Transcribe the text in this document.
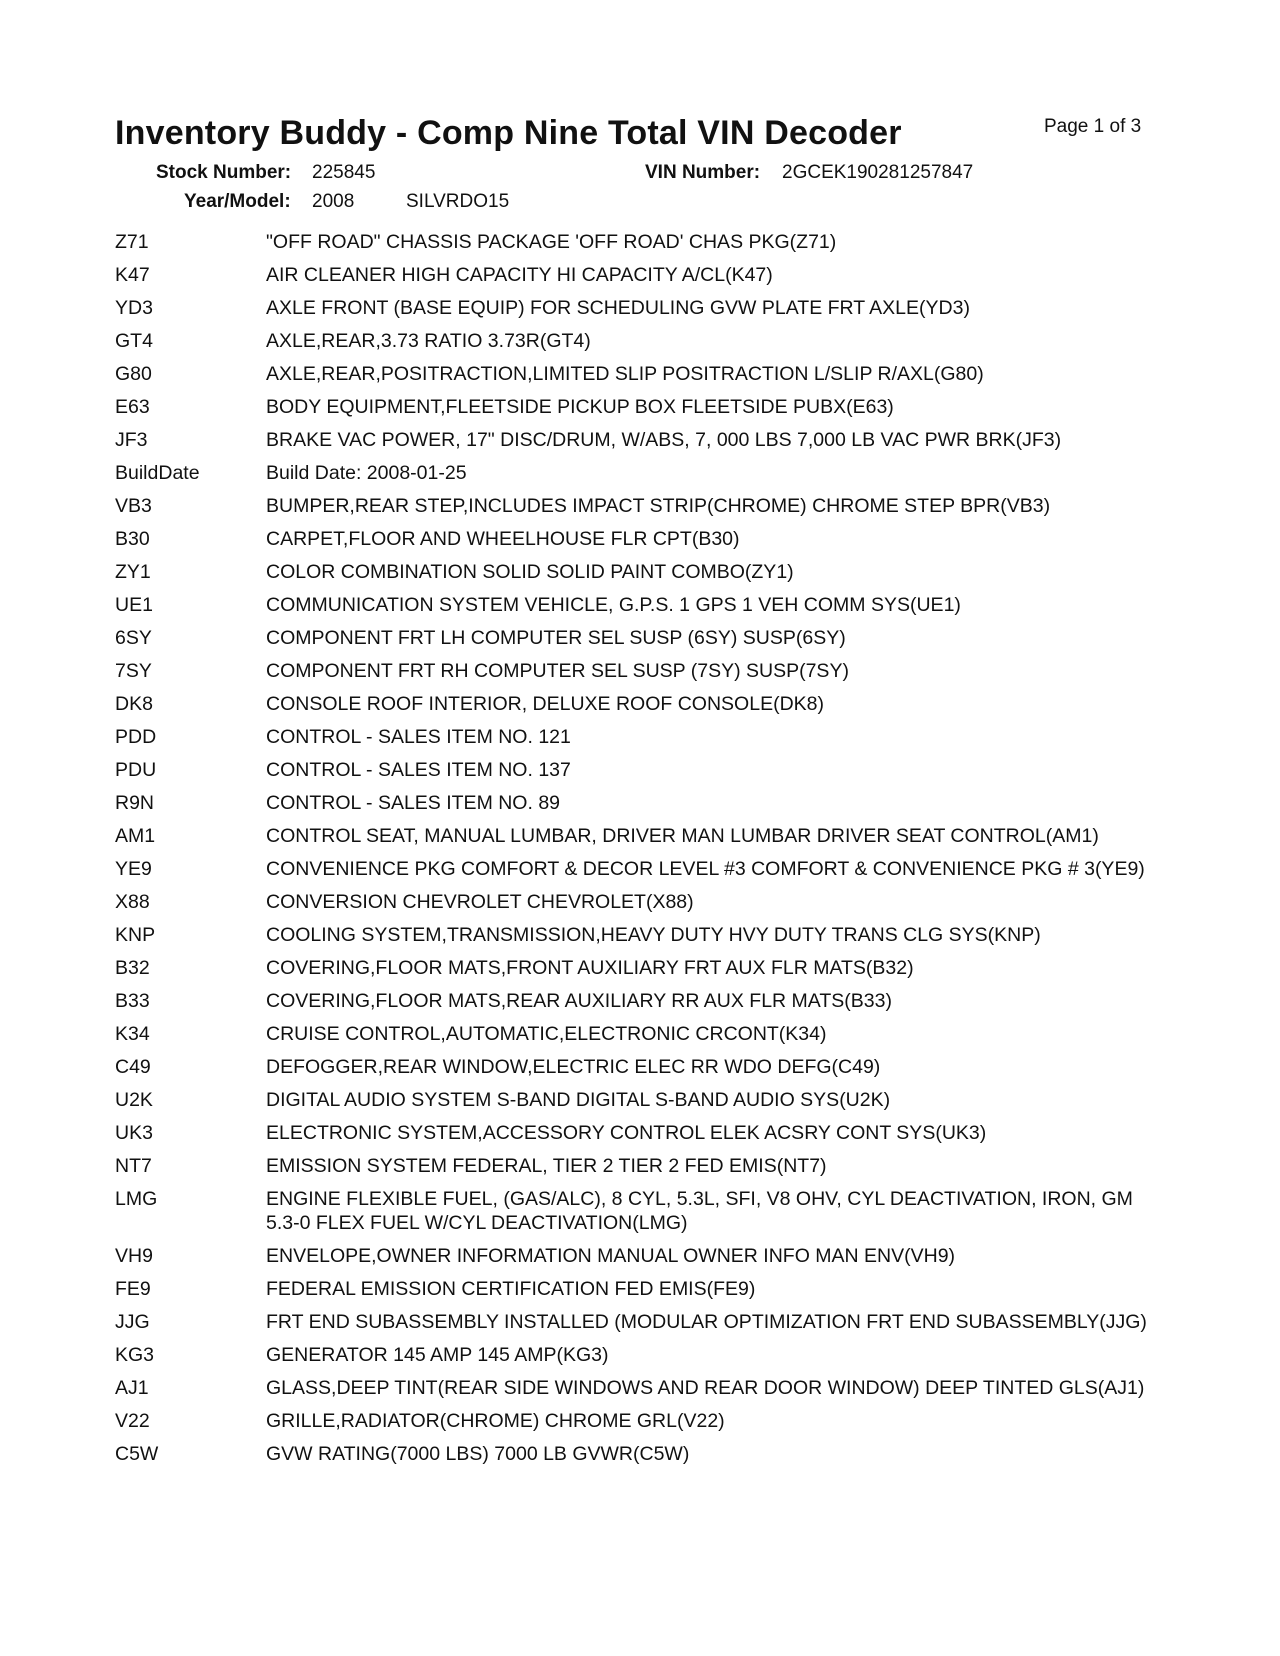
Inventory Buddy - Comp Nine Total VIN Decoder	Page 1 of 3
Stock Number: 225845	VIN Number: 2GCEK190281257847
Year/Model: 2008	SILVRDO15
Z71	"OFF ROAD" CHASSIS PACKAGE 'OFF ROAD' CHAS PKG(Z71)
K47	AIR CLEANER HIGH CAPACITY HI CAPACITY A/CL(K47)
YD3	AXLE FRONT (BASE EQUIP) FOR SCHEDULING GVW PLATE FRT AXLE(YD3)
GT4	AXLE,REAR,3.73 RATIO 3.73R(GT4)
G80	AXLE,REAR,POSITRACTION,LIMITED SLIP POSITRACTION L/SLIP R/AXL(G80)
E63	BODY EQUIPMENT,FLEETSIDE PICKUP BOX FLEETSIDE PUBX(E63)
JF3	BRAKE VAC POWER, 17" DISC/DRUM, W/ABS, 7, 000 LBS 7,000 LB VAC PWR BRK(JF3)
BuildDate	Build Date: 2008-01-25
VB3	BUMPER,REAR STEP,INCLUDES IMPACT STRIP(CHROME) CHROME STEP BPR(VB3)
B30	CARPET,FLOOR AND WHEELHOUSE FLR CPT(B30)
ZY1	COLOR COMBINATION SOLID SOLID PAINT COMBO(ZY1)
UE1	COMMUNICATION SYSTEM VEHICLE, G.P.S. 1 GPS 1 VEH COMM SYS(UE1)
6SY	COMPONENT FRT LH COMPUTER SEL SUSP (6SY) SUSP(6SY)
7SY	COMPONENT FRT RH COMPUTER SEL SUSP (7SY) SUSP(7SY)
DK8	CONSOLE ROOF INTERIOR, DELUXE ROOF CONSOLE(DK8)
PDD	CONTROL - SALES ITEM NO. 121
PDU	CONTROL - SALES ITEM NO. 137
R9N	CONTROL - SALES ITEM NO. 89
AM1	CONTROL SEAT, MANUAL LUMBAR, DRIVER MAN LUMBAR DRIVER SEAT CONTROL(AM1)
YE9	CONVENIENCE PKG COMFORT & DECOR LEVEL #3 COMFORT & CONVENIENCE PKG # 3(YE9)
X88	CONVERSION CHEVROLET CHEVROLET(X88)
KNP	COOLING SYSTEM,TRANSMISSION,HEAVY DUTY HVY DUTY TRANS CLG SYS(KNP)
B32	COVERING,FLOOR MATS,FRONT AUXILIARY FRT AUX FLR MATS(B32)
B33	COVERING,FLOOR MATS,REAR AUXILIARY RR AUX FLR MATS(B33)
K34	CRUISE CONTROL,AUTOMATIC,ELECTRONIC CRCONT(K34)
C49	DEFOGGER,REAR WINDOW,ELECTRIC ELEC RR WDO DEFG(C49)
U2K	DIGITAL AUDIO SYSTEM S-BAND DIGITAL S-BAND AUDIO SYS(U2K)
UK3	ELECTRONIC SYSTEM,ACCESSORY CONTROL ELEK ACSRY CONT SYS(UK3)
NT7	EMISSION SYSTEM FEDERAL, TIER 2 TIER 2 FED EMIS(NT7)
LMG	ENGINE FLEXIBLE FUEL, (GAS/ALC), 8 CYL, 5.3L, SFI, V8 OHV, CYL DEACTIVATION, IRON, GM 5.3-0 FLEX FUEL W/CYL DEACTIVATION(LMG)
VH9	ENVELOPE,OWNER INFORMATION MANUAL OWNER INFO MAN ENV(VH9)
FE9	FEDERAL EMISSION CERTIFICATION FED EMIS(FE9)
JJG	FRT END SUBASSEMBLY INSTALLED (MODULAR OPTIMIZATION FRT END SUBASSEMBLY(JJG)
KG3	GENERATOR 145 AMP 145 AMP(KG3)
AJ1	GLASS,DEEP TINT(REAR SIDE WINDOWS AND REAR DOOR WINDOW) DEEP TINTED GLS(AJ1)
V22	GRILLE,RADIATOR(CHROME) CHROME GRL(V22)
C5W	GVW RATING(7000 LBS) 7000 LB GVWR(C5W)
